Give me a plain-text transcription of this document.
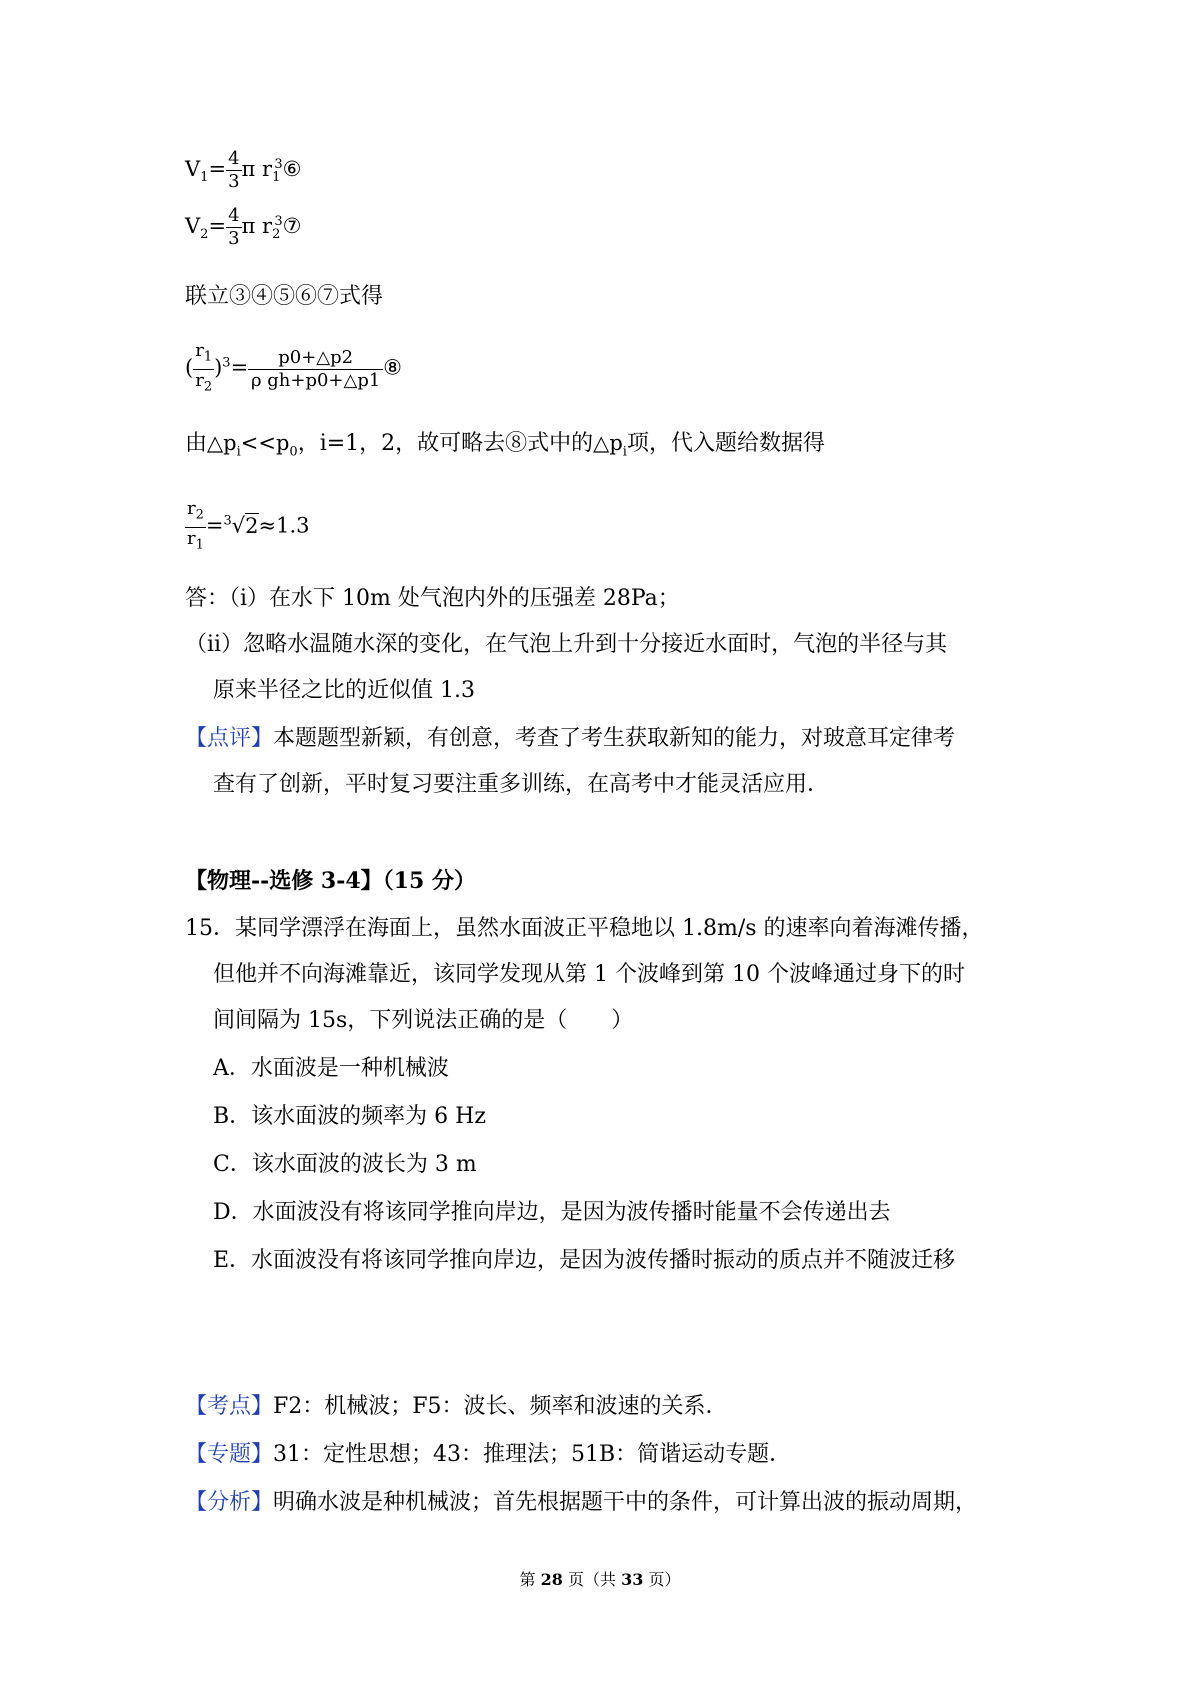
$V_1= \frac{4}{3}$ π $r_1^3⑥$
$V_2= \frac{4}{3}$ π $r_2^3⑦$
联立③④⑤⑥⑦式得
( $\frac{r_1}{r_2} )^3= \frac{p0+\triangle p2}{\text{ρ gh+p0+△p1}}$ ⑧
由$\triangle p_i<<p_0$，i=1，2，故可略去⑧式中的$\triangle p_i$项，代入题给数据得
$\frac{r_2}{r_1} =^3√2\approx 1.3$
答：（i）在水下 10m 处气泡内外的压强差 28Pa；
（ii）忽略水温随水深的变化，在气泡上升到十分接近水面时，气泡的半径与其
原来半径之比的近似值 1.3
【点评】本题题型新颖，有创意，考查了考生获取新知的能力，对玻意耳定律考
查有了创新，平时复习要注重多训练，在高考中才能灵活应用．
【物理--选修 3-4】（15 分）
15．某同学漂浮在海面上，虽然水面波正平稳地以 1.8m/s 的速率向着海滩传播，
但他并不向海滩靠近，该同学发现从第 1 个波峰到第 10 个波峰通过身下的时
间间隔为 15s，下列说法正确的是（　　）
A．水面波是一种机械波
B．该水面波的频率为 6 Hz
C．该水面波的波长为 3 m
D．水面波没有将该同学推向岸边，是因为波传播时能量不会传递出去
E．水面波没有将该同学推向岸边，是因为波传播时振动的质点并不随波迁移
【考点】F2：机械波；F5：波长、频率和波速的关系．
【专题】31：定性思想；43：推理法；51B：简谐运动专题．
【分析】明确水波是种机械波；首先根据题干中的条件，可计算出波的振动周期，
第 28 页（共 33 页）
